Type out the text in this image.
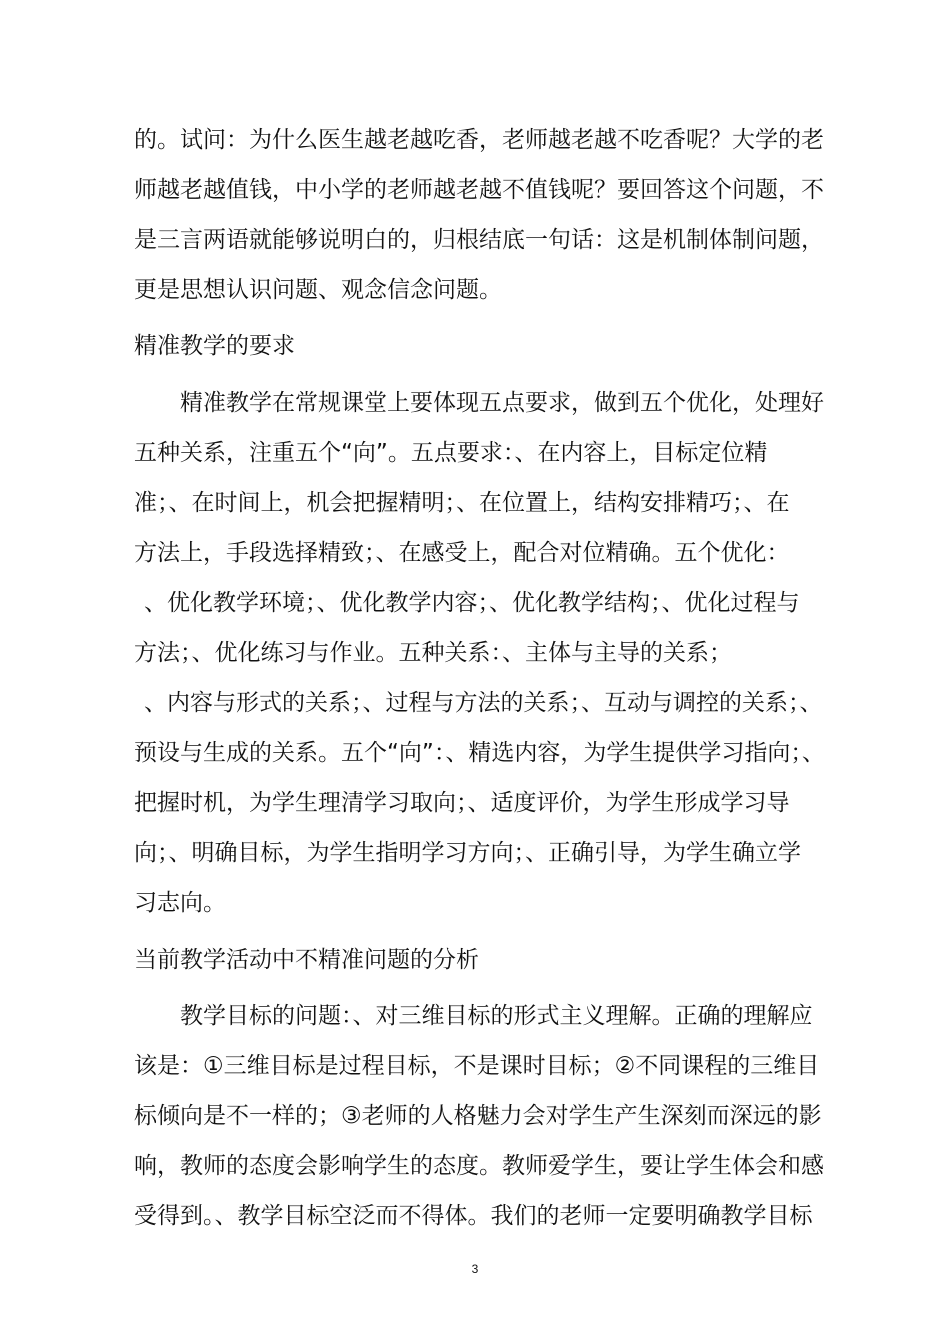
的。试问：为什么医生越老越吃香，老师越老越不吃香呢？大学的老
师越老越值钱，中小学的老师越老越不值钱呢？要回答这个问题，不
是三言两语就能够说明白的，归根结底一句话：这是机制体制问题，
更是思想认识问题、观念信念问题。
精准教学的要求
精准教学在常规课堂上要体现五点要求，做到五个优化，处理好
五种关系，注重五个“向”。五点要求：、在内容上，目标定位精
准；、在时间上，机会把握精明；、在位置上，结构安排精巧；、在
方法上，手段选择精致；、在感受上，配合对位精确。五个优化：
、优化教学环境；、优化教学内容；、优化教学结构；、优化过程与
方法；、优化练习与作业。五种关系：、主体与主导的关系；
、内容与形式的关系；、过程与方法的关系；、互动与调控的关系；、
预设与生成的关系。五个“向”：、精选内容，为学生提供学习指向；、
把握时机，为学生理清学习取向；、适度评价，为学生形成学习导
向；、明确目标，为学生指明学习方向；、正确引导，为学生确立学
习志向。
当前教学活动中不精准问题的分析
教学目标的问题：、对三维目标的形式主义理解。正确的理解应
该是：①三维目标是过程目标，不是课时目标；②不同课程的三维目
标倾向是不一样的；③老师的人格魅力会对学生产生深刻而深远的影
响，教师的态度会影响学生的态度。教师爱学生，要让学生体会和感
受得到。、教学目标空泛而不得体。我们的老师一定要明确教学目标
3
